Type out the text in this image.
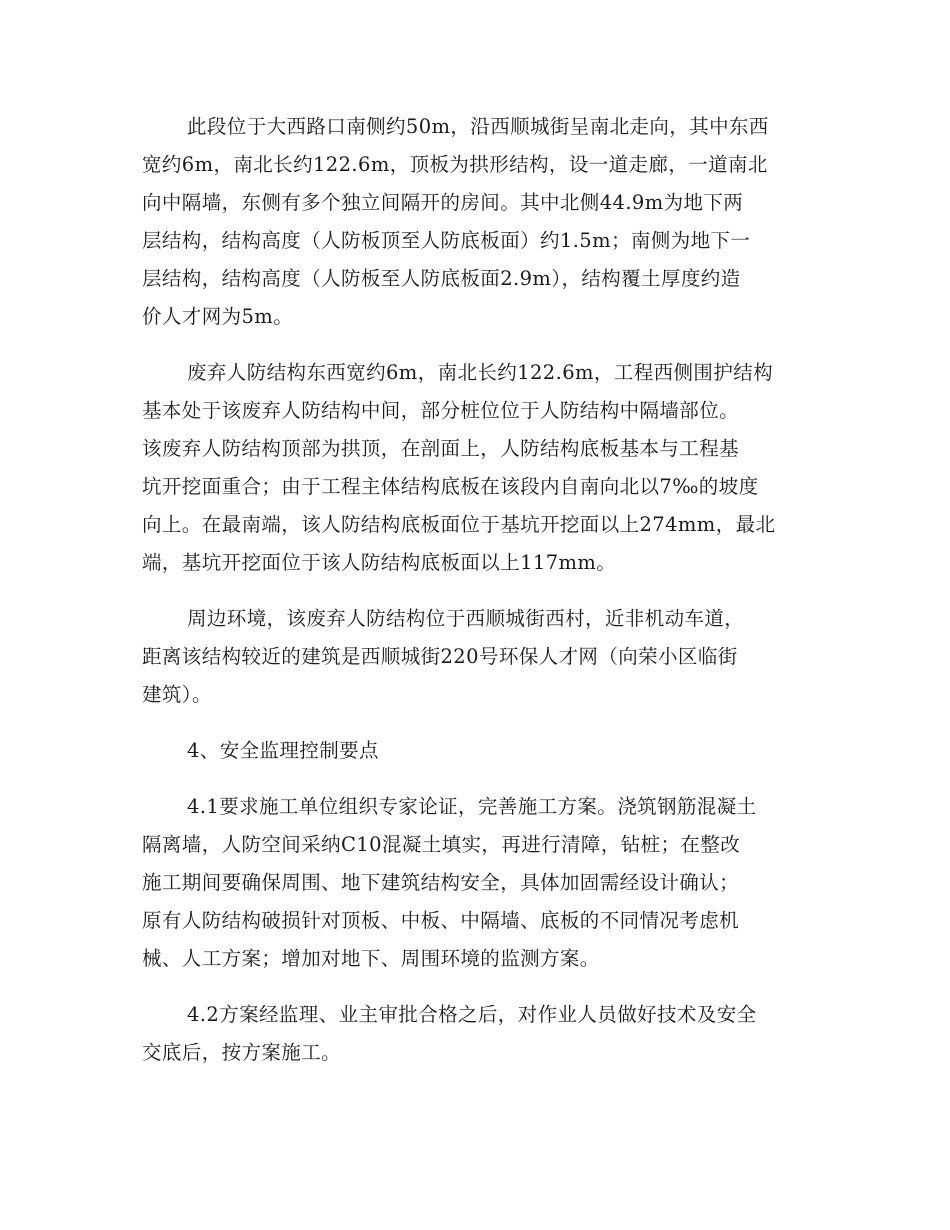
此段位于大西路口南侧约50m，沿西顺城街呈南北走向，其中东西
宽约6m，南北长约122.6m，顶板为拱形结构，设一道走廊，一道南北
向中隔墙，东侧有多个独立间隔开的房间。其中北侧44.9m为地下两
层结构，结构高度（人防板顶至人防底板面）约1.5m；南侧为地下一
层结构，结构高度（人防板至人防底板面2.9m），结构覆土厚度约造
价人才网为5m。
废弃人防结构东西宽约6m，南北长约122.6m，工程西侧围护结构
基本处于该废弃人防结构中间，部分桩位位于人防结构中隔墙部位。
该废弃人防结构顶部为拱顶，在剖面上，人防结构底板基本与工程基
坑开挖面重合；由于工程主体结构底板在该段内自南向北以7‰的坡度
向上。在最南端，该人防结构底板面位于基坑开挖面以上274mm，最北
端，基坑开挖面位于该人防结构底板面以上117mm。
周边环境，该废弃人防结构位于西顺城街西村，近非机动车道，
距离该结构较近的建筑是西顺城街220号环保人才网（向荣小区临街
建筑）。
4、安全监理控制要点
4.1要求施工单位组织专家论证，完善施工方案。浇筑钢筋混凝土
隔离墙，人防空间采纳C10混凝土填实，再进行清障，钻桩；在整改
施工期间要确保周围、地下建筑结构安全，具体加固需经设计确认；
原有人防结构破损针对顶板、中板、中隔墙、底板的不同情况考虑机
械、人工方案；增加对地下、周围环境的监测方案。
4.2方案经监理、业主审批合格之后，对作业人员做好技术及安全
交底后，按方案施工。
